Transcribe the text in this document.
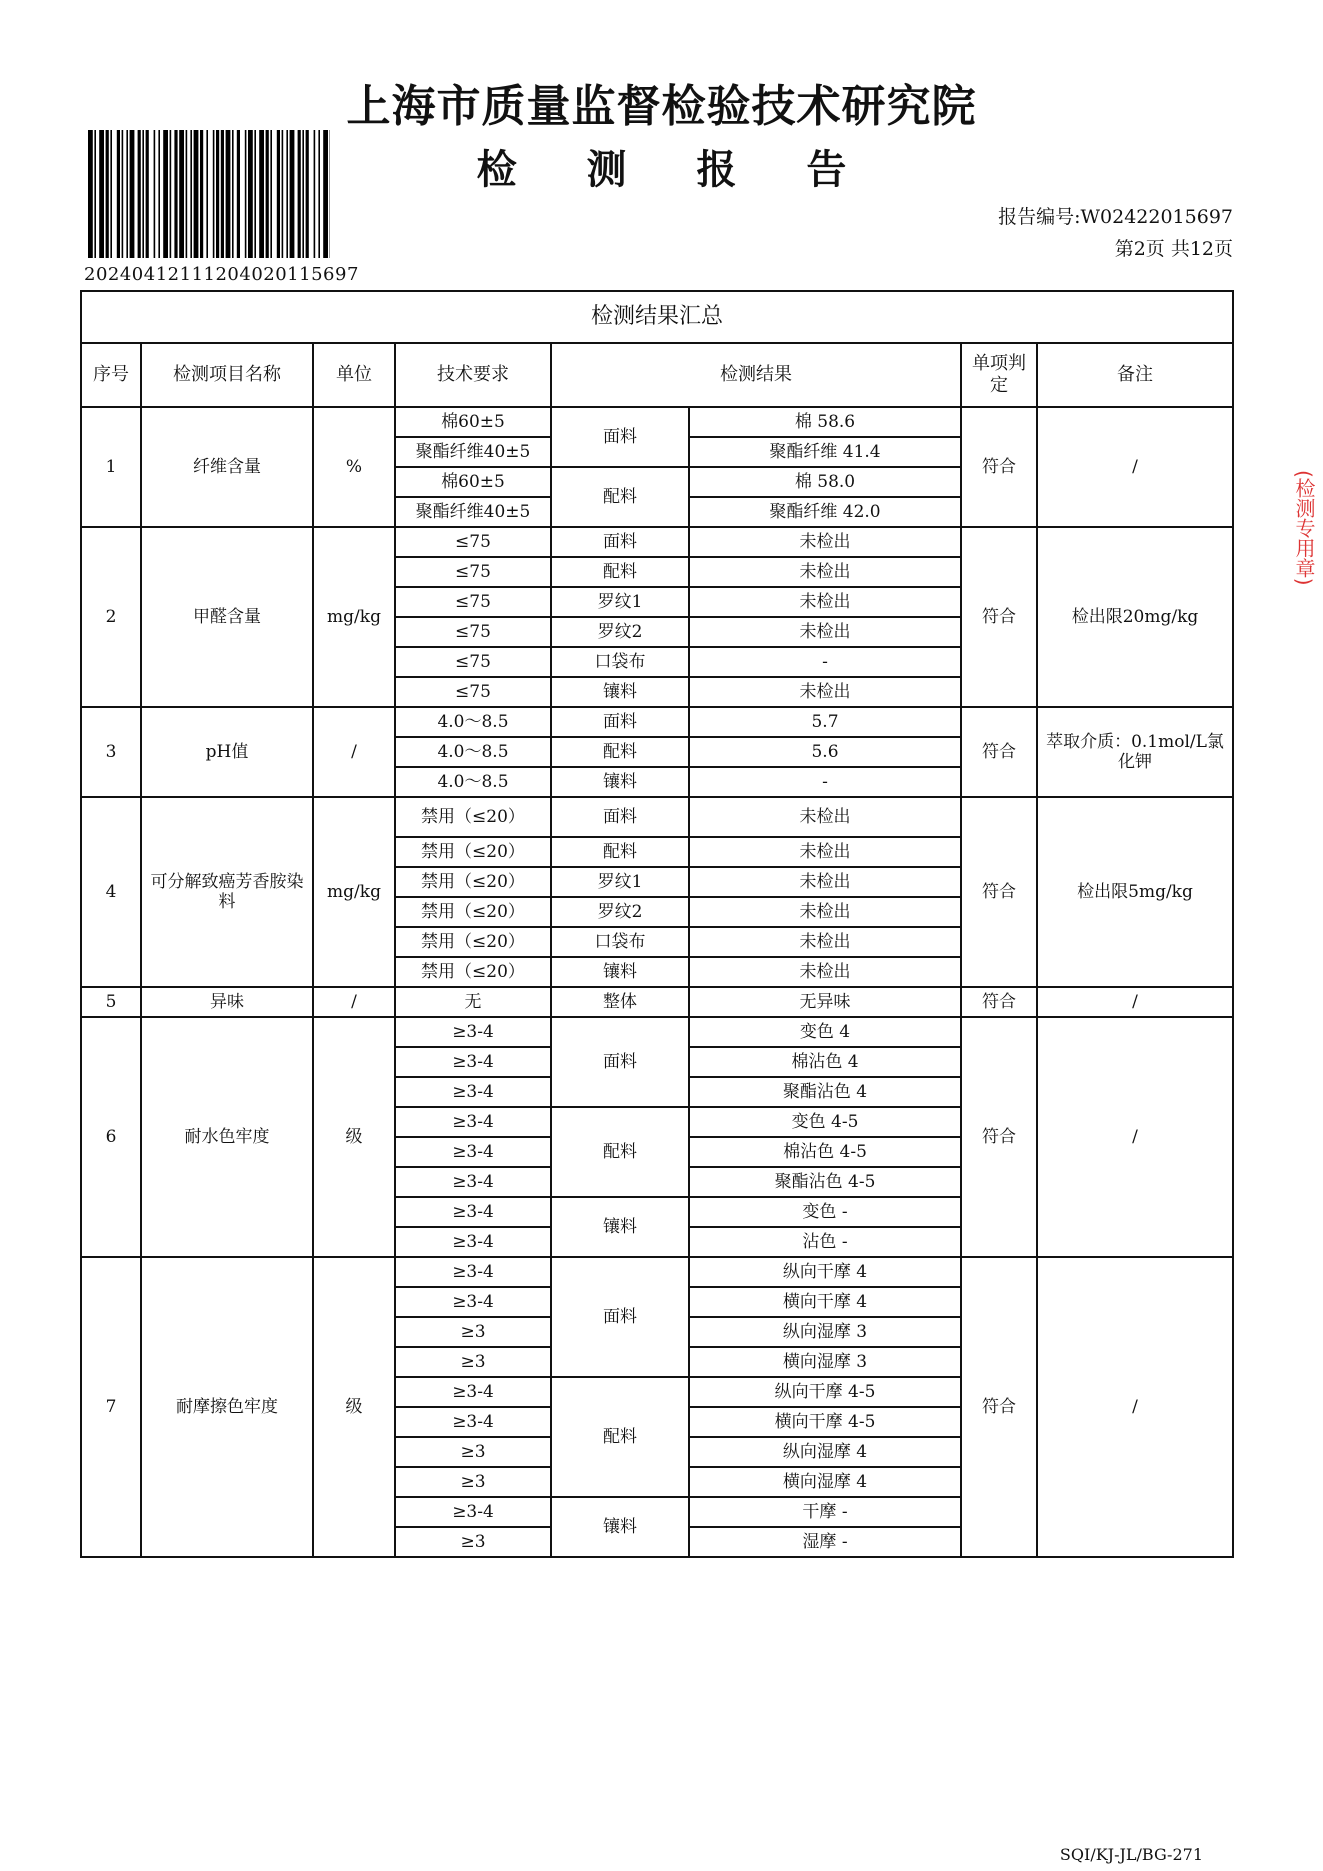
上海市质量监督检验技术研究院
检 测 报 告
20240412111204020115697
报告编号:W02422015697
第2页 共12页
(检测专用章)
检测结果汇总							
序号	检测项目名称	单位	技术要求	检测结果		单项判定	备注
1	纤维含量	%	棉60±5	面料	棉 58.6	符合	/
			聚酯纤维40±5		聚酯纤维 41.4		
			棉60±5	配料	棉 58.0		
			聚酯纤维40±5		聚酯纤维 42.0		
2	甲醛含量	mg/kg	≤75	面料	未检出	符合	检出限20mg/kg
			≤75	配料	未检出		
			≤75	罗纹1	未检出		
			≤75	罗纹2	未检出		
			≤75	口袋布	-		
			≤75	镶料	未检出		
3	pH值	/	4.0～8.5	面料	5.7	符合	萃取介质：0.1mol/L氯化钾
			4.0～8.5	配料	5.6		
			4.0～8.5	镶料	-		
4	可分解致癌芳香胺染料	mg/kg	禁用（≤20）	面料	未检出	符合	检出限5mg/kg
			禁用（≤20）	配料	未检出		
			禁用（≤20）	罗纹1	未检出		
			禁用（≤20）	罗纹2	未检出		
			禁用（≤20）	口袋布	未检出		
			禁用（≤20）	镶料	未检出		
5	异味	/	无	整体	无异味	符合	/
6	耐水色牢度	级	≥3-4	面料	变色 4	符合	/
			≥3-4		棉沾色 4		
			≥3-4		聚酯沾色 4		
			≥3-4	配料	变色 4-5		
			≥3-4		棉沾色 4-5		
			≥3-4		聚酯沾色 4-5		
			≥3-4	镶料	变色 -		
			≥3-4		沾色 -		
7	耐摩擦色牢度	级	≥3-4	面料	纵向干摩 4	符合	/
			≥3-4		横向干摩 4		
			≥3		纵向湿摩 3		
			≥3		横向湿摩 3		
			≥3-4	配料	纵向干摩 4-5		
			≥3-4		横向干摩 4-5		
			≥3		纵向湿摩 4		
			≥3		横向湿摩 4		
			≥3-4	镶料	干摩 -		
			≥3		湿摩 -		
SQI/KJ-JL/BG-271
